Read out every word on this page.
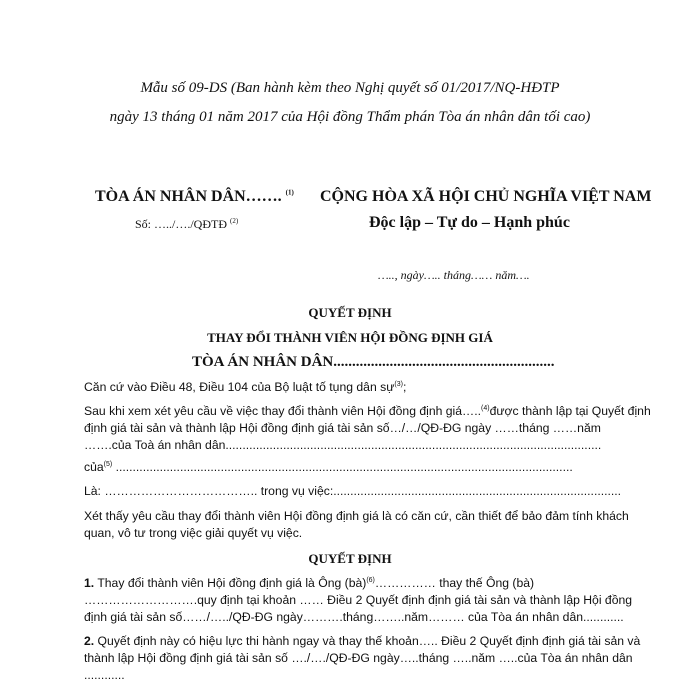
Mẫu số 09-DS (Ban hành kèm theo Nghị quyết số 01/2017/NQ-HĐTP
ngày 13 tháng 01 năm 2017 của Hội đồng Thẩm phán Tòa án nhân dân tối cao)
TÒA ÁN NHÂN DÂN……. $^{(1)}$
Số: …../…./QĐTĐ $^{(2)}$
CỘNG HÒA XÃ HỘI CHỦ NGHĨA VIỆT NAM
Độc lập – Tự do – Hạnh phúc
….., ngày….. tháng…… năm….
QUYẾT ĐỊNH
THAY ĐỔI THÀNH VIÊN HỘI ĐỒNG ĐỊNH GIÁ
TÒA ÁN NHÂN DÂN...........................................................
Căn cứ vào Điều 48, Điều 104 của Bộ luật tố tụng dân sự$^{(3)}$;
Sau khi xem xét yêu cầu về việc thay đổi thành viên Hội đồng định giá…..$^{(4)}$được thành lập tại Quyết định
định giá tài sản và thành lập Hội đồng định giá tài sản số…/…/QĐ-ĐG ngày ……tháng ……năm
…….của Toà án nhân dân...............................................................................................................
của$^{(5)}$ .......................................................................................................................................
Là: ……………………………….. trong vụ việc:.....................................................................................
Xét thấy yêu cầu thay đổi thành viên Hội đồng định giá là có căn cứ, cần thiết để bảo đảm tính khách
quan, vô tư trong việc giải quyết vụ việc.
QUYẾT ĐỊNH
1. Thay đổi thành viên Hội đồng định giá là Ông (bà)$^{(6)}$…………… thay thế Ông (bà)
……………………….quy định tại khoản …… Điều 2 Quyết định định giá tài sản và thành lập Hội đồng
định giá tài sản số……/…../QĐ-ĐG ngày……….tháng……..năm……… của Tòa án nhân dân............
2. Quyết định này có hiệu lực thi hành ngay và thay thế khoản….. Điều 2 Quyết định định giá tài sản và
thành lập Hội đồng định giá tài sản số …./…./QĐ-ĐG ngày…..tháng …..năm …..của Tòa án nhân dân
............
